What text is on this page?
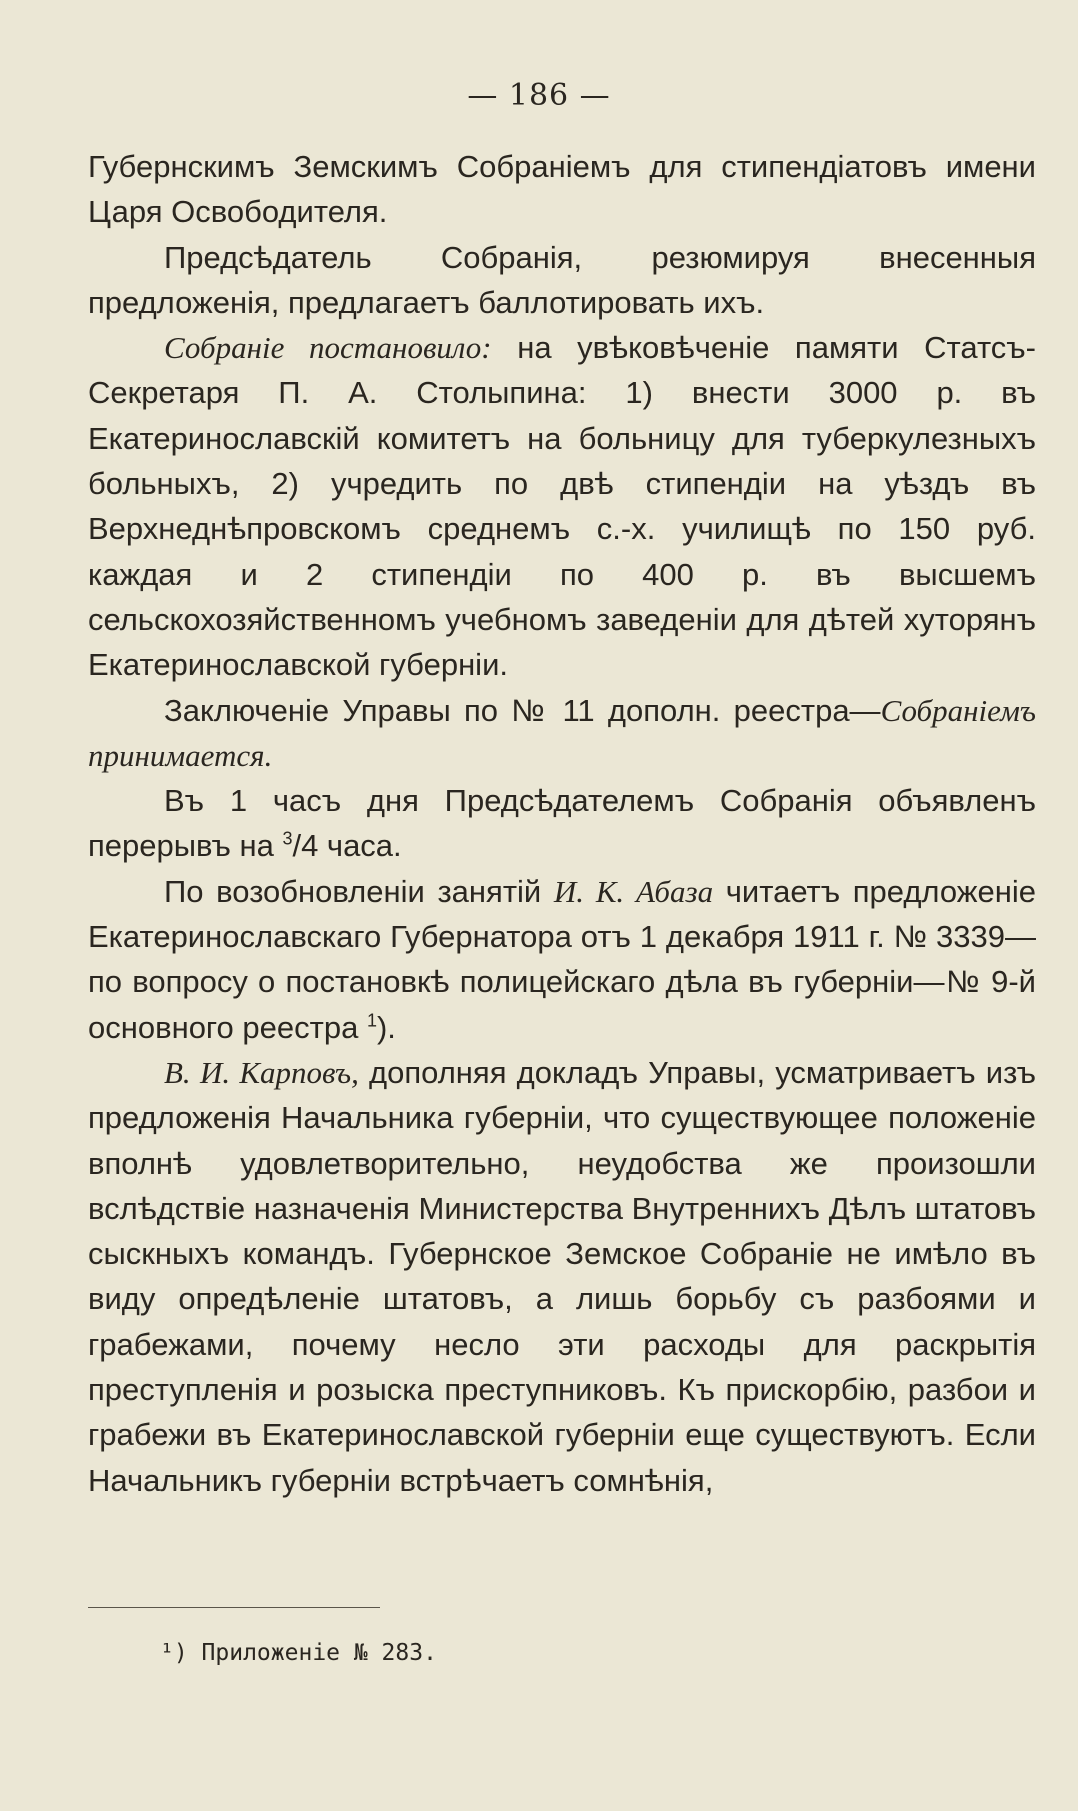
— 186 —

Губернскимъ Земскимъ Собраніемъ для стипендіатовъ имени Царя Освободителя.

Предсѣдатель Собранія, резюмируя внесенныя предложенія, предлагаетъ баллотировать ихъ.

Собраніе постановило: на увѣковѣченіе памяти Статсъ-Секретаря П. А. Столыпина: 1) внести 3000 р. въ Екатеринославскій комитетъ на больницу для туберкулезныхъ больныхъ, 2) учредить по двѣ стипендіи на уѣздъ въ Верхнеднѣпровскомъ среднемъ с.-х. училищѣ по 150 руб. каждая и 2 стипендіи по 400 р. въ высшемъ сельскохозяйственномъ учебномъ заведеніи для дѣтей хуторянъ Екатеринославской губерніи.

Заключеніе Управы по № 11 дополн. реестра—Собраніемъ принимается.

Въ 1 часъ дня Предсѣдателемъ Собранія объявленъ перерывъ на $^3$/4 часа.

По возобновленіи занятій И. К. Абаза читаетъ предложеніе Екатеринославскаго Губернатора отъ 1 декабря 1911 г. № 3339—по вопросу о постановкѣ полицейскаго дѣла въ губерніи—№ 9-й основного реестра $^1$).

В. И. Карповъ, дополняя докладъ Управы, усматриваетъ изъ предложенія Начальника губерніи, что существующее положеніе вполнѣ удовлетворительно, неудобства же произошли вслѣдствіе назначенія Министерства Внутреннихъ Дѣлъ штатовъ сыскныхъ командъ. Губернское Земское Собраніе не имѣло въ виду опредѣленіе штатовъ, а лишь борьбу съ разбоями и грабежами, почему несло эти расходы для раскрытія преступленія и розыска преступниковъ. Къ прискорбію, разбои и грабежи въ Екатеринославской губерніи еще существуютъ. Если Начальникъ губерніи встрѣчаетъ сомнѣнія,

¹) Приложеніе № 283.
